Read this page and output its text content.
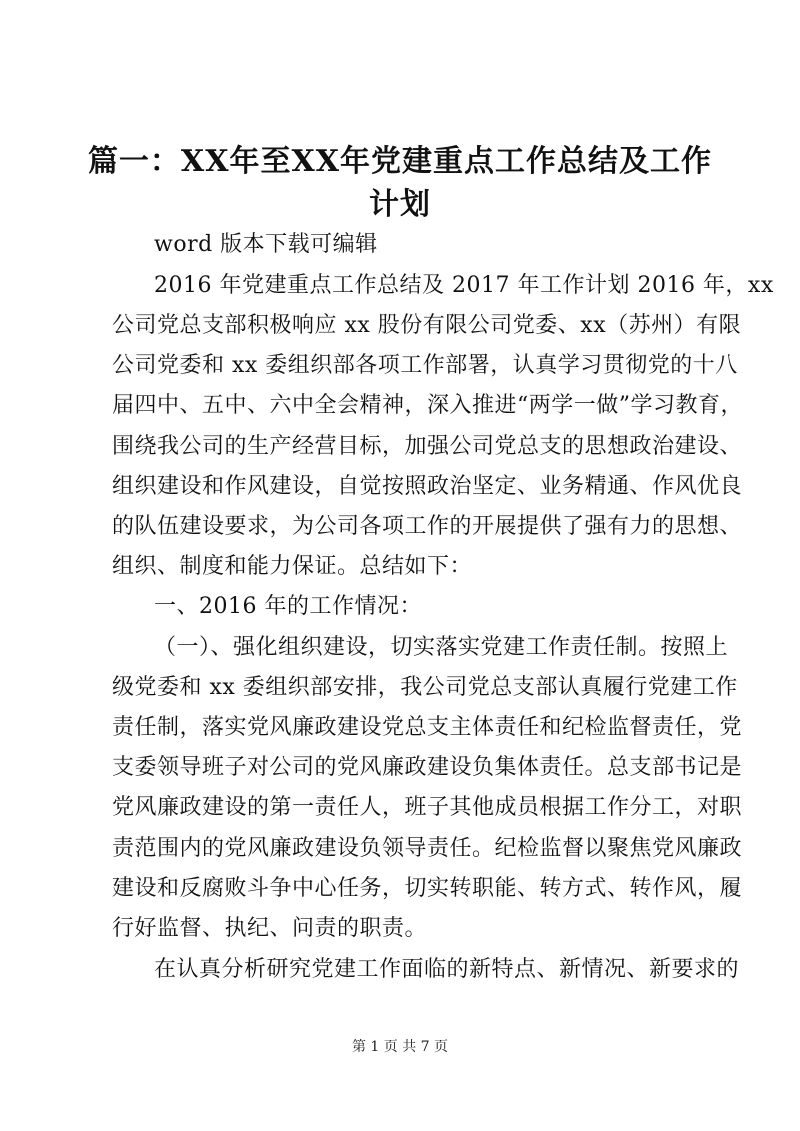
篇一：XX年至XX年党建重点工作总结及工作
计划
word 版本下载可编辑
2016 年党建重点工作总结及 2017 年工作计划 2016 年，xx
公司党总支部积极响应 xx 股份有限公司党委、xx（苏州）有限
公司党委和 xx 委组织部各项工作部署，认真学习贯彻党的十八
届四中、五中、六中全会精神，深入推进“两学一做”学习教育，
围绕我公司的生产经营目标，加强公司党总支的思想政治建设、
组织建设和作风建设，自觉按照政治坚定、业务精通、作风优良
的队伍建设要求，为公司各项工作的开展提供了强有力的思想、
组织、制度和能力保证。总结如下：
一、2016 年的工作情况：
（一）、强化组织建设，切实落实党建工作责任制。按照上
级党委和 xx 委组织部安排，我公司党总支部认真履行党建工作
责任制，落实党风廉政建设党总支主体责任和纪检监督责任，党
支委领导班子对公司的党风廉政建设负集体责任。总支部书记是
党风廉政建设的第一责任人，班子其他成员根据工作分工，对职
责范围内的党风廉政建设负领导责任。纪检监督以聚焦党风廉政
建设和反腐败斗争中心任务，切实转职能、转方式、转作风，履
行好监督、执纪、问责的职责。
在认真分析研究党建工作面临的新特点、新情况、新要求的
第 1 页 共 7 页
